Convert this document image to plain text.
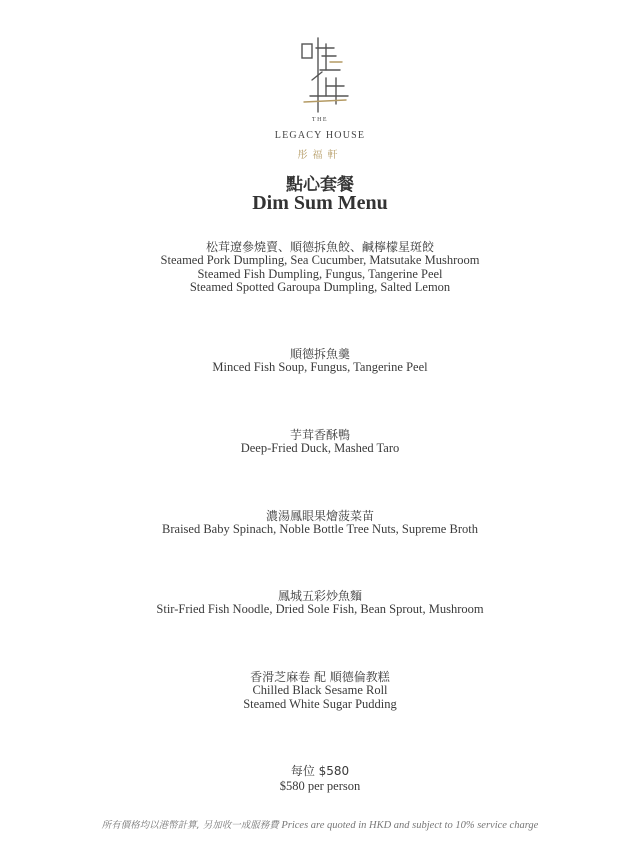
THE
LEGACY HOUSE
彤福軒
點心套餐
Dim Sum Menu
松茸遼參燒賣、順德拆魚餃、鹹檸檬星斑餃
Steamed Pork Dumpling, Sea Cucumber, Matsutake Mushroom
Steamed Fish Dumpling, Fungus, Tangerine Peel
Steamed Spotted Garoupa Dumpling, Salted Lemon
順德拆魚羹
Minced Fish Soup, Fungus, Tangerine Peel
芋茸香酥鴨
Deep-Fried Duck, Mashed Taro
濃湯鳳眼果燴菠菜苗
Braised Baby Spinach, Noble Bottle Tree Nuts, Supreme Broth
鳳城五彩炒魚麵
Stir-Fried Fish Noodle, Dried Sole Fish, Bean Sprout, Mushroom
香滑芝麻卷 配 順德倫教糕
Chilled Black Sesame Roll
Steamed White Sugar Pudding
每位 $580
$580 per person
所有價格均以港幣計算, 另加收一成服務費 Prices are quoted in HKD and subject to 10% service charge
